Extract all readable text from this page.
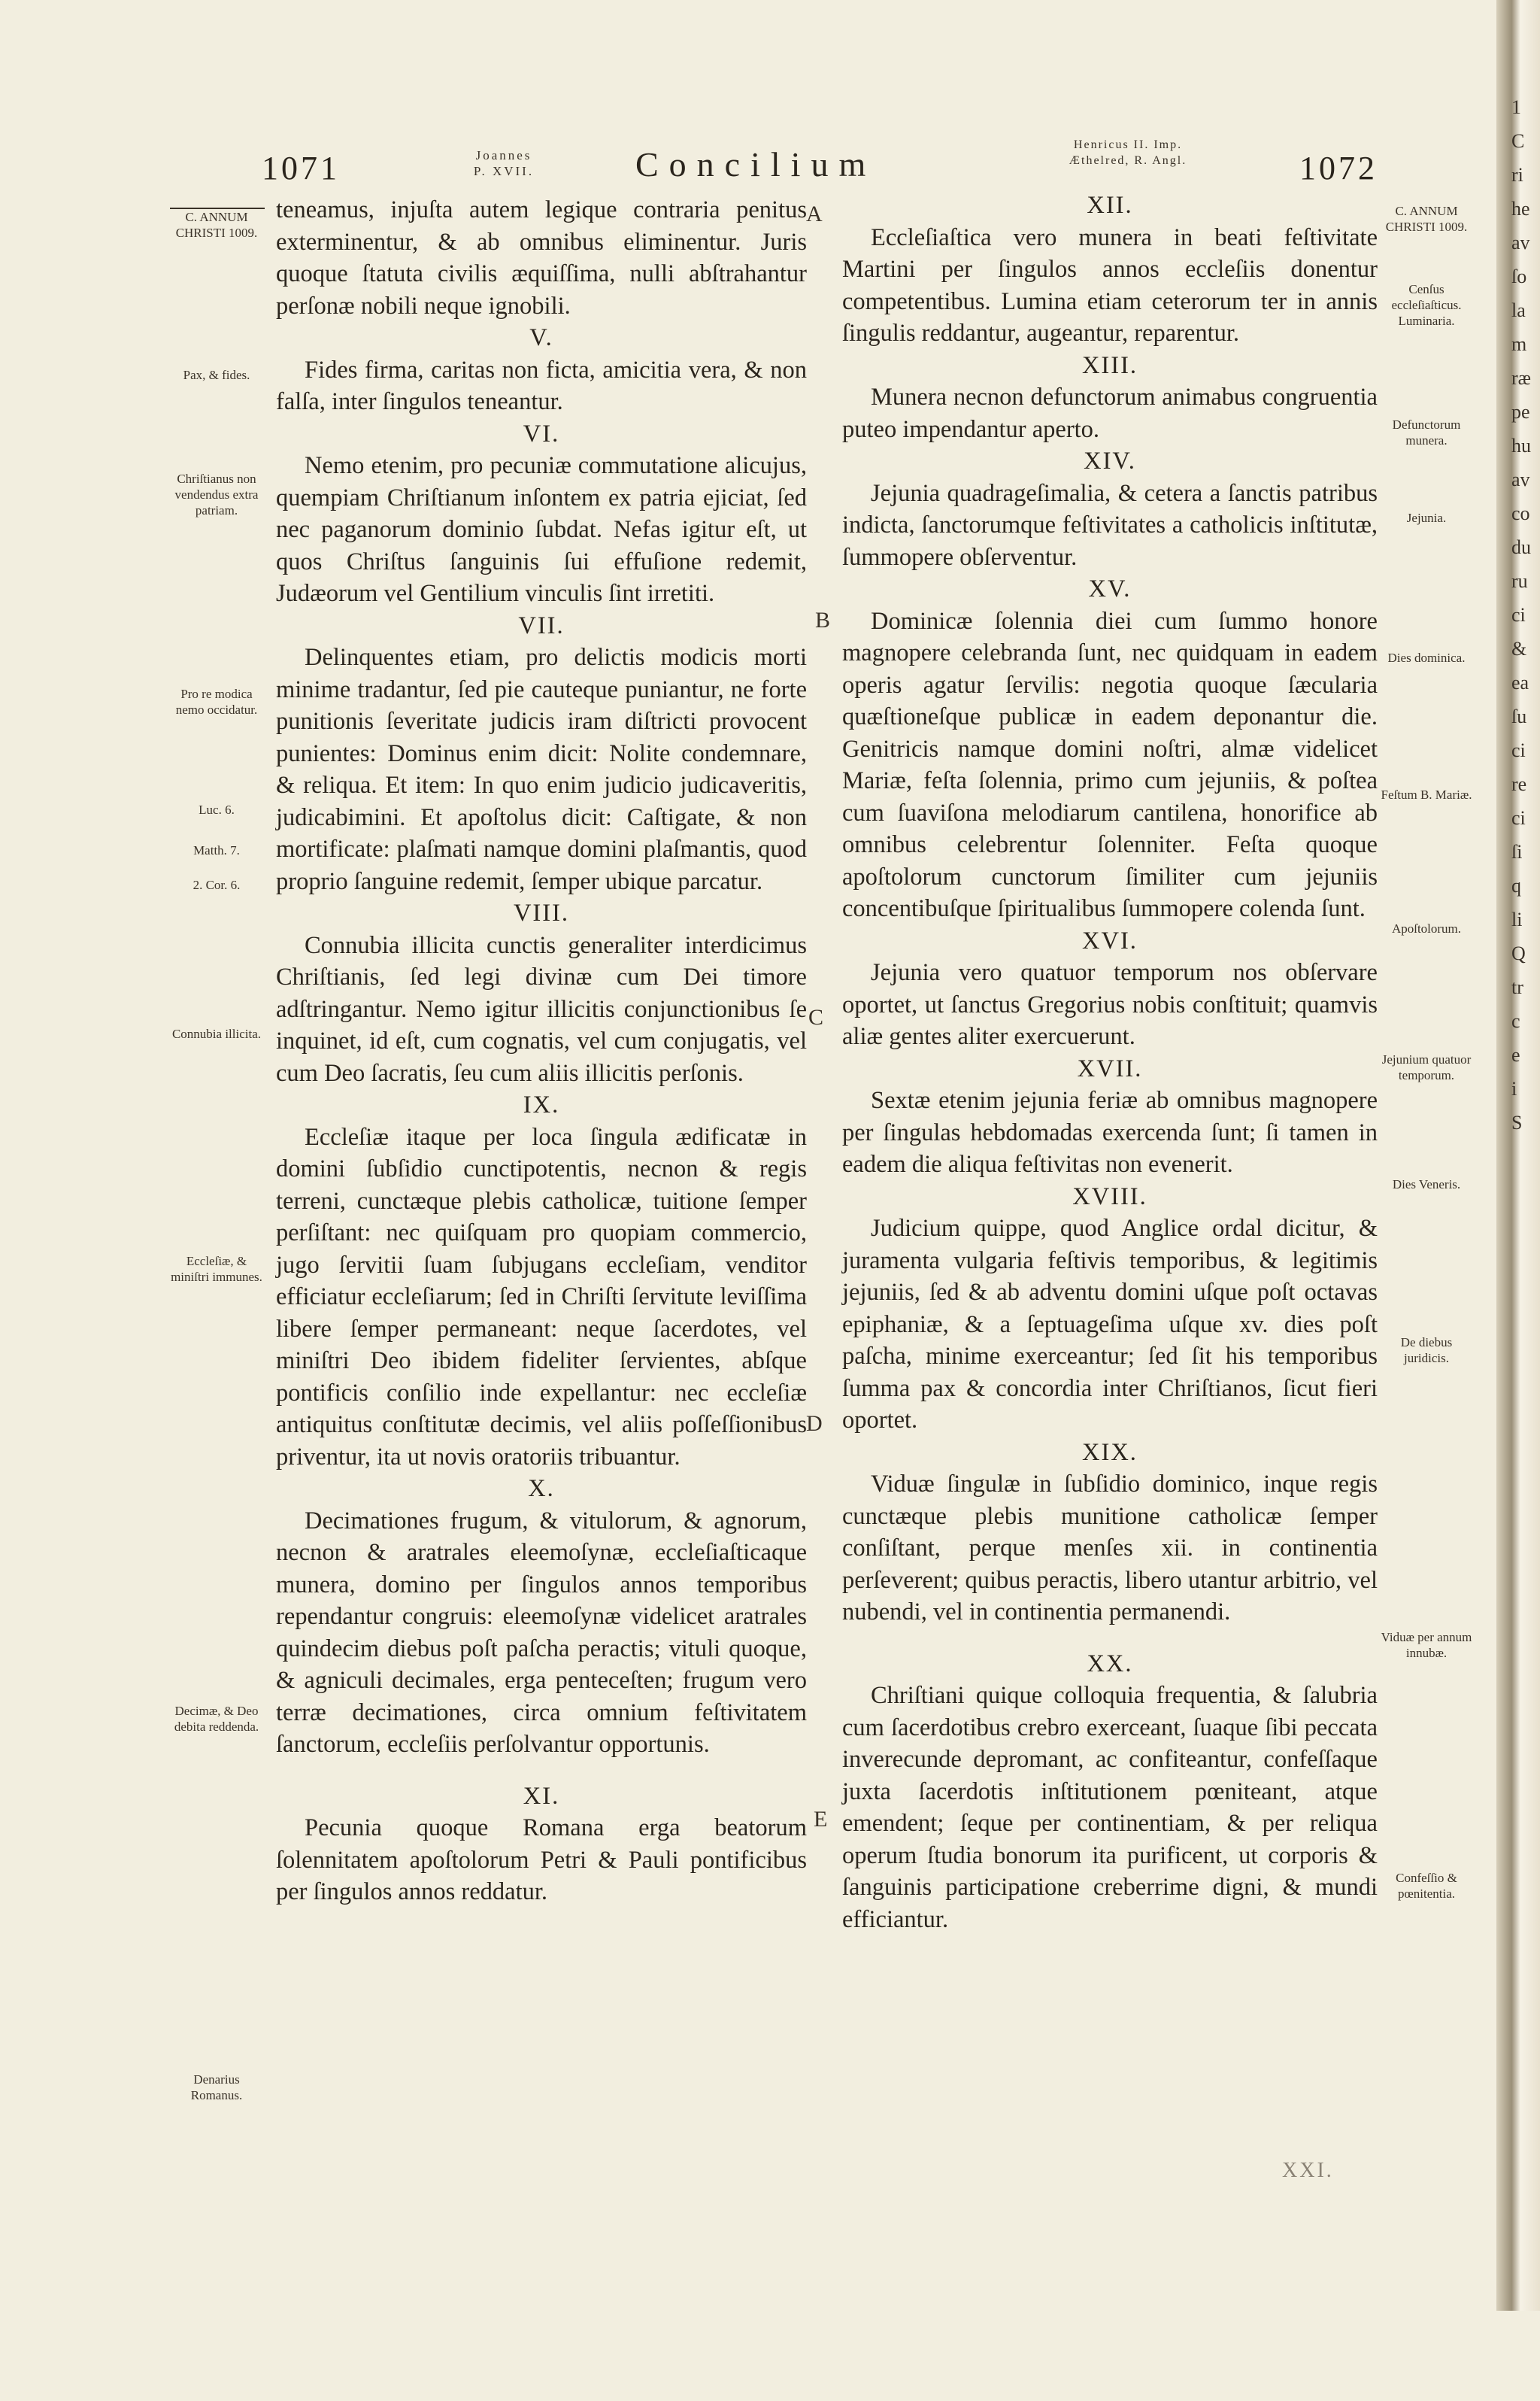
1
C
ri
he
av
ſo
la
m
ræ
pe
hu
av
co
du
ru
ci
&
ea
ſu
ci
re
ci
ſi
q
li
Q
tr
c
e
i
S
1071	Joannes
P. XVII.	Concilium
Henricus II. Imp.
Æthelred, R. Angl.	1072

teneamus, injuſta autem legique contraria penitus exterminentur, & ab omnibus eliminentur. Juris quoque ſtatuta civilis æquiſſima, nulli abſtrahantur perſonæ nobili neque ignobili.

V.

Fides firma, caritas non ficta, amicitia vera, & non falſa, inter ſingulos teneantur.

VI.

Nemo etenim, pro pecuniæ commutatione alicujus, quempiam Chriſtianum inſontem ex patria ejiciat, ſed nec paganorum dominio ſubdat. Nefas igitur eſt, ut quos Chriſtus ſanguinis ſui effuſione redemit, Judæorum vel Gentilium vinculis ſint irretiti.

VII.

Delinquentes etiam, pro delictis modicis morti minime tradantur, ſed pie cauteque puniantur, ne forte punitionis ſeveritate judicis iram diſtricti provocent punientes: Dominus enim dicit: Nolite condemnare, & reliqua. Et item: In quo enim judicio judicaveritis, judicabimini. Et apoſtolus dicit: Caſtigate, & non mortificate: plaſmati namque domini plaſmantis, quod proprio ſanguine redemit, ſemper ubique parcatur.

VIII.

Connubia illicita cunctis generaliter interdicimus Chriſtianis, ſed legi divinæ cum Dei timore adſtringantur. Nemo igitur illicitis conjunctionibus ſe inquinet, id eſt, cum cognatis, vel cum conjugatis, vel cum Deo ſacratis, ſeu cum aliis illicitis perſonis.

IX.

Eccleſiæ itaque per loca ſingula ædificatæ in domini ſubſidio cunctipotentis, necnon & regis terreni, cunctæque plebis catholicæ, tuitione ſemper perſiſtant: nec quiſquam pro quopiam commercio, jugo ſervitii ſuam ſubjugans eccleſiam, venditor efficiatur eccleſiarum; ſed in Chriſti ſervitute leviſſima libere ſemper permaneant: neque ſacerdotes, vel miniſtri Deo ibidem fideliter ſervientes, abſque pontificis conſilio inde expellantur: nec eccleſiæ antiquitus conſtitutæ decimis, vel aliis poſſeſſionibus priventur, ita ut novis oratoriis tribuantur.

X.

Decimationes frugum, & vitulorum, & agnorum, necnon & aratrales eleemoſynæ, eccleſiaſticaque munera, domino per ſingulos annos temporibus rependantur congruis: eleemoſynæ videlicet aratrales quindecim diebus poſt paſcha peractis; vituli quoque, & agniculi decimales, erga penteceſten; frugum vero terræ decimationes, circa omnium feſtivitatem ſanctorum, eccleſiis perſolvantur opportunis.

XI.

Pecunia quoque Romana erga beatorum ſolennitatem apoſtolorum Petri & Pauli pontificibus per ſingulos annos reddatur.

XII.

Eccleſiaſtica vero munera in beati feſtivitate Martini per ſingulos annos eccleſiis donentur competentibus. Lumina etiam ceterorum ter in annis ſingulis reddantur, augeantur, reparentur.

XIII.

Munera necnon defunctorum animabus congruentia puteo impendantur aperto.

XIV.

Jejunia quadrageſimalia, & cetera a ſanctis patribus indicta, ſanctorumque feſtivitates a catholicis inſtitutæ, ſummopere obſerventur.

XV.

Dominicæ ſolennia diei cum ſummo honore magnopere celebranda ſunt, nec quidquam in eadem operis agatur ſervilis: negotia quoque ſæcularia quæſtioneſque publicæ in eadem deponantur die. Genitricis namque domini noſtri, almæ videlicet Mariæ, feſta ſolennia, primo cum jejuniis, & poſtea cum ſuaviſona melodiarum cantilena, honorifice ab omnibus celebrentur ſolenniter. Feſta quoque apoſtolorum cunctorum ſimiliter cum jejuniis concentibuſque ſpiritualibus ſummopere colenda ſunt.

XVI.

Jejunia vero quatuor temporum nos obſervare oportet, ut ſanctus Gregorius nobis conſtituit; quamvis aliæ gentes aliter exercuerunt.

XVII.

Sextæ etenim jejunia feriæ ab omnibus magnopere per ſingulas hebdomadas exercenda ſunt; ſi tamen in eadem die aliqua feſtivitas non evenerit.

XVIII.

Judicium quippe, quod Anglice ordal dicitur, & juramenta vulgaria feſtivis temporibus, & legitimis jejuniis, ſed & ab adventu domini uſque poſt octavas epiphaniæ, & a ſeptuageſima uſque xv. dies poſt paſcha, minime exerceantur; ſed ſit his temporibus ſumma pax & concordia inter Chriſtianos, ſicut fieri oportet.

XIX.

Viduæ ſingulæ in ſubſidio dominico, inque regis cunctæque plebis munitione catholicæ ſemper conſiſtant, perque menſes xii. in continentia perſeverent; quibus peractis, libero utantur arbitrio, vel nubendi, vel in continentia permanendi.

XX.

Chriſtiani quique colloquia frequentia, & ſalubria cum ſacerdotibus crebro exerceant, ſuaque ſibi peccata inverecunde depromant, ac confiteantur, confeſſaque juxta ſacerdotis inſtitutionem pœniteant, atque emendent; ſeque per continentiam, & per reliqua operum ſtudia bonorum ita purificent, ut corporis & ſanguinis participatione creberrime digni, & mundi efficiantur.

C. ANNUM CHRISTI 1009.
Pax, & fides.
Chriſtianus non vendendus extra patriam.
Pro re modica nemo occidatur.
Luc. 6.
Matth. 7.
2. Cor. 6.
Connubia illicita.
Eccleſiæ, & miniſtri immunes.
Decimæ, & Deo debita reddenda.
Denarius Romanus.
C. ANNUM CHRISTI 1009.
Cenſus eccleſiaſticus. Luminaria.
Defunctorum munera.
Jejunia.
Dies dominica.
Feſtum B. Mariæ.
Apoſtolorum.
Jejunium quatuor temporum.
Dies Veneris.
De diebus juridicis.
Viduæ per annum innubæ.
Confeſſio & pœnitentia.
A
B
C
D
E
XXI.
